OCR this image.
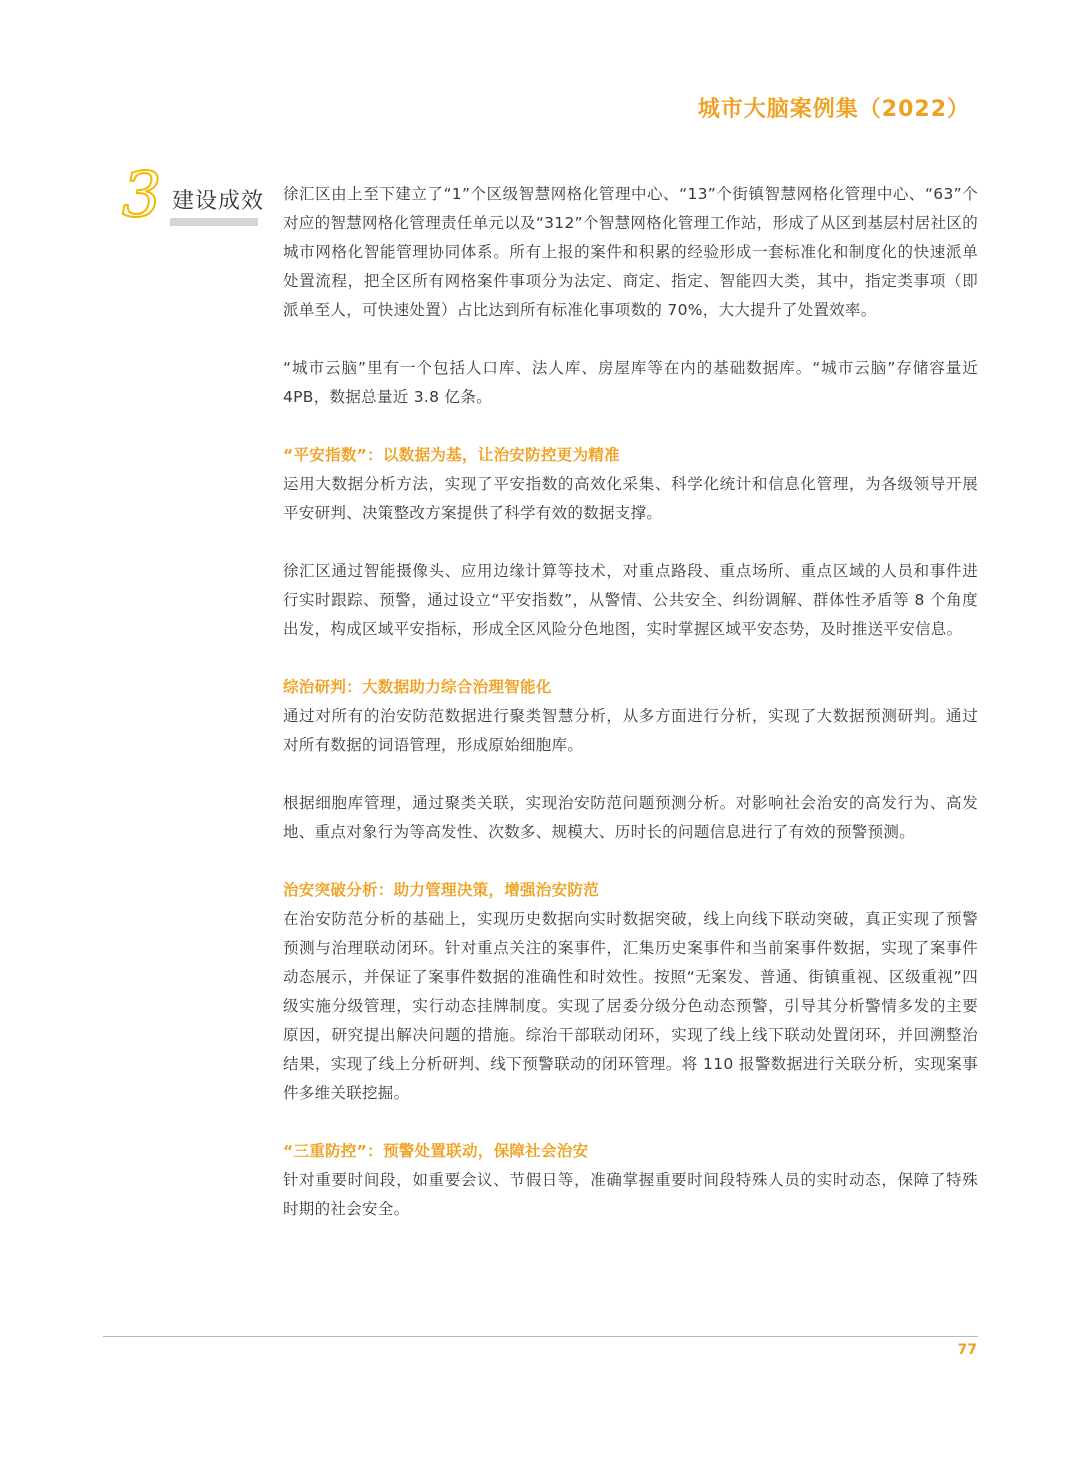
城市大脑案例集（2022）
3 建设成效 徐汇区由上至下建立了“1”个区级智慧网格化管理中心、“13”个街镇智慧网格化管理中心、“63”个对应的智慧网格化管理责任单元以及“312”个智慧网格化管理工作站，形成了从区到基层村居社区的城市网格化智能管理协同体系。所有上报的案件和积累的经验形成一套标准化和制度化的快速派单处置流程，把全区所有网格案件事项分为法定、商定、指定、智能四大类，其中，指定类事项（即派单至人，可快速处置）占比达到所有标准化事项数的 70%，大大提升了处置效率。

“城市云脑”里有一个包括人口库、法人库、房屋库等在内的基础数据库。“城市云脑”存储容量近 4PB，数据总量近 3.8 亿条。

“平安指数”：以数据为基，让治安防控更为精准

运用大数据分析方法，实现了平安指数的高效化采集、科学化统计和信息化管理，为各级领导开展平安研判、决策整改方案提供了科学有效的数据支撑。

徐汇区通过智能摄像头、应用边缘计算等技术，对重点路段、重点场所、重点区域的人员和事件进行实时跟踪、预警，通过设立“平安指数”，从警情、公共安全、纠纷调解、群体性矛盾等 8 个角度出发，构成区域平安指标，形成全区风险分色地图，实时掌握区域平安态势，及时推送平安信息。

综治研判：大数据助力综合治理智能化

通过对所有的治安防范数据进行聚类智慧分析，从多方面进行分析，实现了大数据预测研判。通过对所有数据的词语管理，形成原始细胞库。

根据细胞库管理，通过聚类关联，实现治安防范问题预测分析。对影响社会治安的高发行为、高发地、重点对象行为等高发性、次数多、规模大、历时长的问题信息进行了有效的预警预测。

治安突破分析：助力管理决策，增强治安防范

在治安防范分析的基础上，实现历史数据向实时数据突破，线上向线下联动突破，真正实现了预警预测与治理联动闭环。针对重点关注的案事件，汇集历史案事件和当前案事件数据，实现了案事件动态展示，并保证了案事件数据的准确性和时效性。按照“无案发、普通、街镇重视、区级重视”四级实施分级管理，实行动态挂牌制度。实现了居委分级分色动态预警，引导其分析警情多发的主要原因，研究提出解决问题的措施。综治干部联动闭环，实现了线上线下联动处置闭环，并回溯整治结果，实现了线上分析研判、线下预警联动的闭环管理。将 110 报警数据进行关联分析，实现案事件多维关联挖掘。

“三重防控”：预警处置联动，保障社会治安

针对重要时间段，如重要会议、节假日等，准确掌握重要时间段特殊人员的实时动态，保障了特殊时期的社会安全。

77
